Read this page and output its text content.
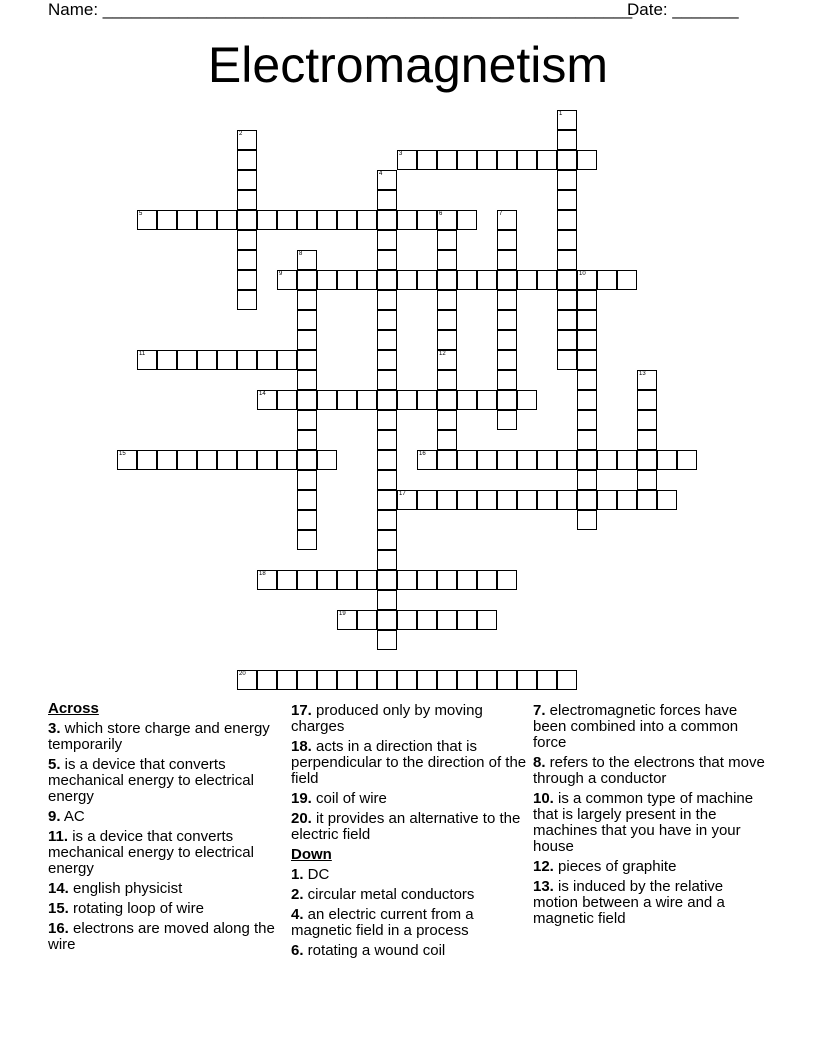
Name: ________________________________________________________
Date: _______
Electromagnetism
1
2
3
4
5	6
12
7
8
9	10
11
13
14
15	16
17
18
19
20
Across
3. which store charge and energy temporarily
5. is a device that converts mechanical energy to electrical energy
9. AC
11. is a device that converts mechanical energy to electrical energy
14. english physicist
15. rotating loop of wire
16. electrons are moved along the wire
17. produced only by moving charges
18. acts in a direction that is perpendicular to the direction of the field
19. coil of wire
20. it provides an alternative to the electric field
Down
1. DC
2. circular metal conductors
4. an electric current from a magnetic field in a process
6. rotating a wound coil
7. electromagnetic forces have been combined into a common force
8. refers to the electrons that move through a conductor
10. is a common type of machine that is largely present in the machines that you have in your house
12. pieces of graphite
13. is induced by the relative motion between a wire and a magnetic field
